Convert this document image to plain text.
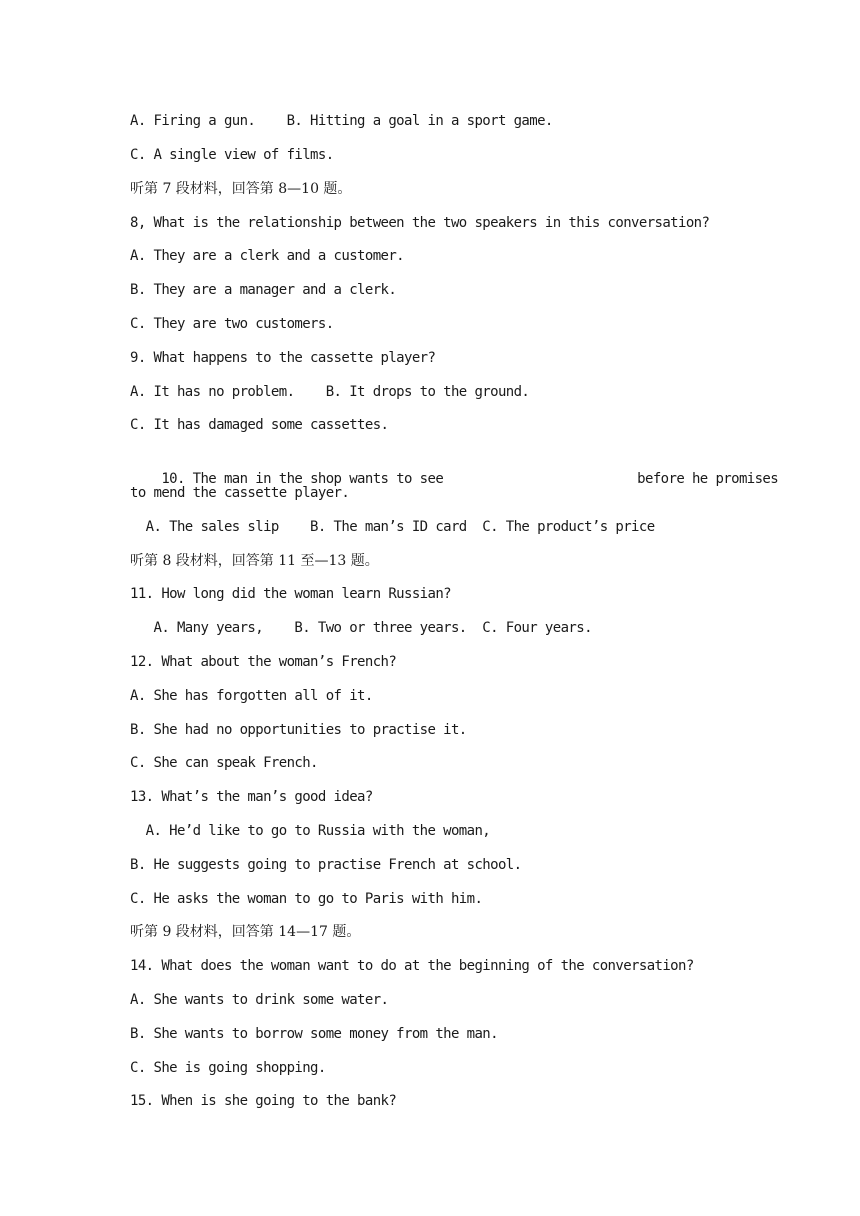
A. Firing a gun.    B. Hitting a goal in a sport game.
C. A single view of films.
听第 7 段材料，回答第 8—10 题。
8, What is the relationship between the two speakers in this conversation?
A. They are a clerk and a customer.
B. They are a manager and a clerk.
C. They are two customers.
9. What happens to the cassette player?
A. It has no problem.    B. It drops to the ground.
C. It has damaged some cassettes.

10. The man in the shop wants to see	before he promises

to mend the cassette player.
A. The sales slip    B. The man’s ID card  C. The product’s price
听第 8 段材料，回答第 11 至—13 题。
11. How long did the woman learn Russian?
A. Many years,    B. Two or three years.  C. Four years.
12. What about the woman’s French?
A. She has forgotten all of it.
B. She had no opportunities to practise it.
C. She can speak French.
13. What’s the man’s good idea?
A. He’d like to go to Russia with the woman,
B. He suggests going to practise French at school.
C. He asks the woman to go to Paris with him.
听第 9 段材料，回答第 14—17 题。
14. What does the woman want to do at the beginning of the conversation?
A. She wants to drink some water.
B. She wants to borrow some money from the man.
C. She is going shopping.
15. When is she going to the bank?
